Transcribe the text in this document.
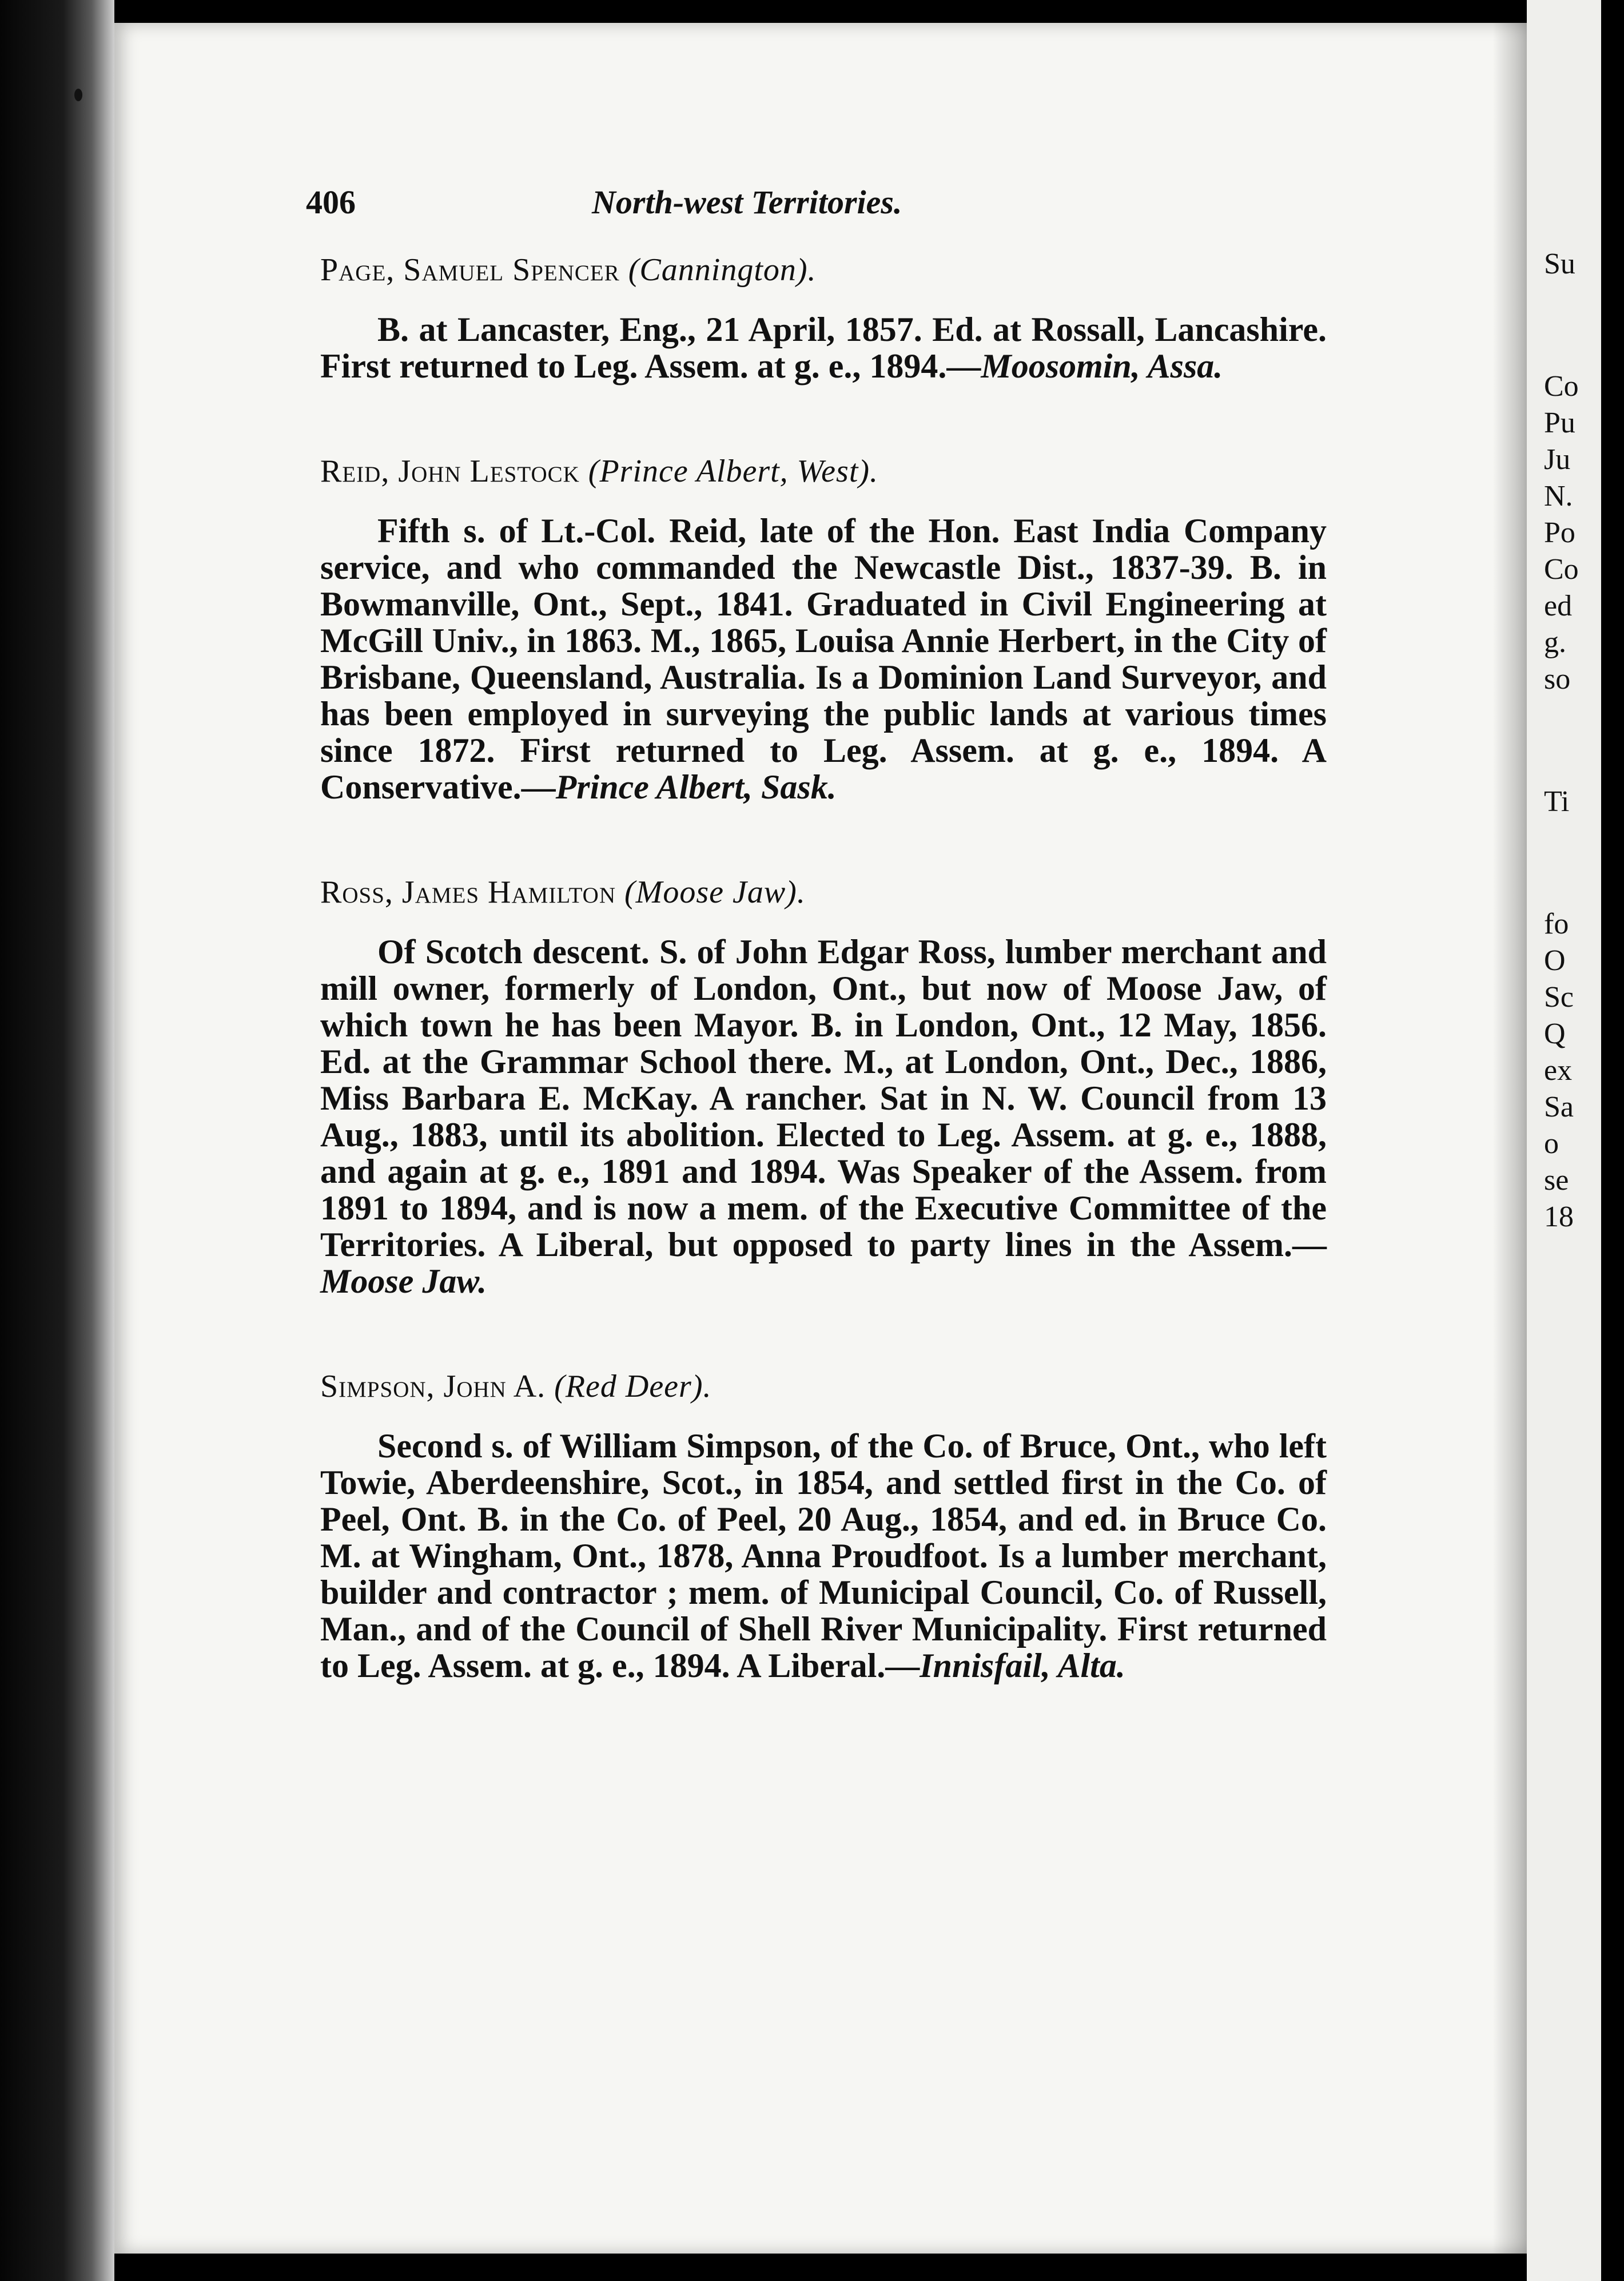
406	North-west Territories.
Page, Samuel Spencer (Cannington).

B. at Lancaster, Eng., 21 April, 1857. Ed. at Rossall, Lancashire. First returned to Leg. Assem. at g. e., 1894.—Moosomin, Assa.

Reid, John Lestock (Prince Albert, West).

Fifth s. of Lt.-Col. Reid, late of the Hon. East India Company service, and who commanded the Newcastle Dist., 1837-39. B. in Bowmanville, Ont., Sept., 1841. Graduated in Civil Engineering at McGill Univ., in 1863. M., 1865, Louisa Annie Herbert, in the City of Brisbane, Queensland, Australia. Is a Dominion Land Surveyor, and has been employed in surveying the public lands at various times since 1872. First returned to Leg. Assem. at g. e., 1894. A Conservative.—Prince Albert, Sask.

Ross, James Hamilton (Moose Jaw).

Of Scotch descent. S. of John Edgar Ross, lumber merchant and mill owner, formerly of London, Ont., but now of Moose Jaw, of which town he has been Mayor. B. in London, Ont., 12 May, 1856. Ed. at the Grammar School there. M., at London, Ont., Dec., 1886, Miss Barbara E. McKay. A rancher. Sat in N. W. Council from 13 Aug., 1883, until its abolition. Elected to Leg. Assem. at g. e., 1888, and again at g. e., 1891 and 1894. Was Speaker of the Assem. from 1891 to 1894, and is now a mem. of the Executive Committee of the Territories. A Liberal, but opposed to party lines in the Assem.—Moose Jaw.

Simpson, John A. (Red Deer).

Second s. of William Simpson, of the Co. of Bruce, Ont., who left Towie, Aberdeenshire, Scot., in 1854, and settled first in the Co. of Peel, Ont. B. in the Co. of Peel, 20 Aug., 1854, and ed. in Bruce Co. M. at Wingham, Ont., 1878, Anna Proudfoot. Is a lumber merchant, builder and contractor ; mem. of Municipal Council, Co. of Russell, Man., and of the Council of Shell River Municipality. First returned to Leg. Assem. at g. e., 1894. A Liberal.—Innisfail, Alta.

Su
Co
Pu
Ju
N.
Po
Co
ed
g.
so
Ti
fo
O
Sc
Q
ex
Sa
o
se
18
